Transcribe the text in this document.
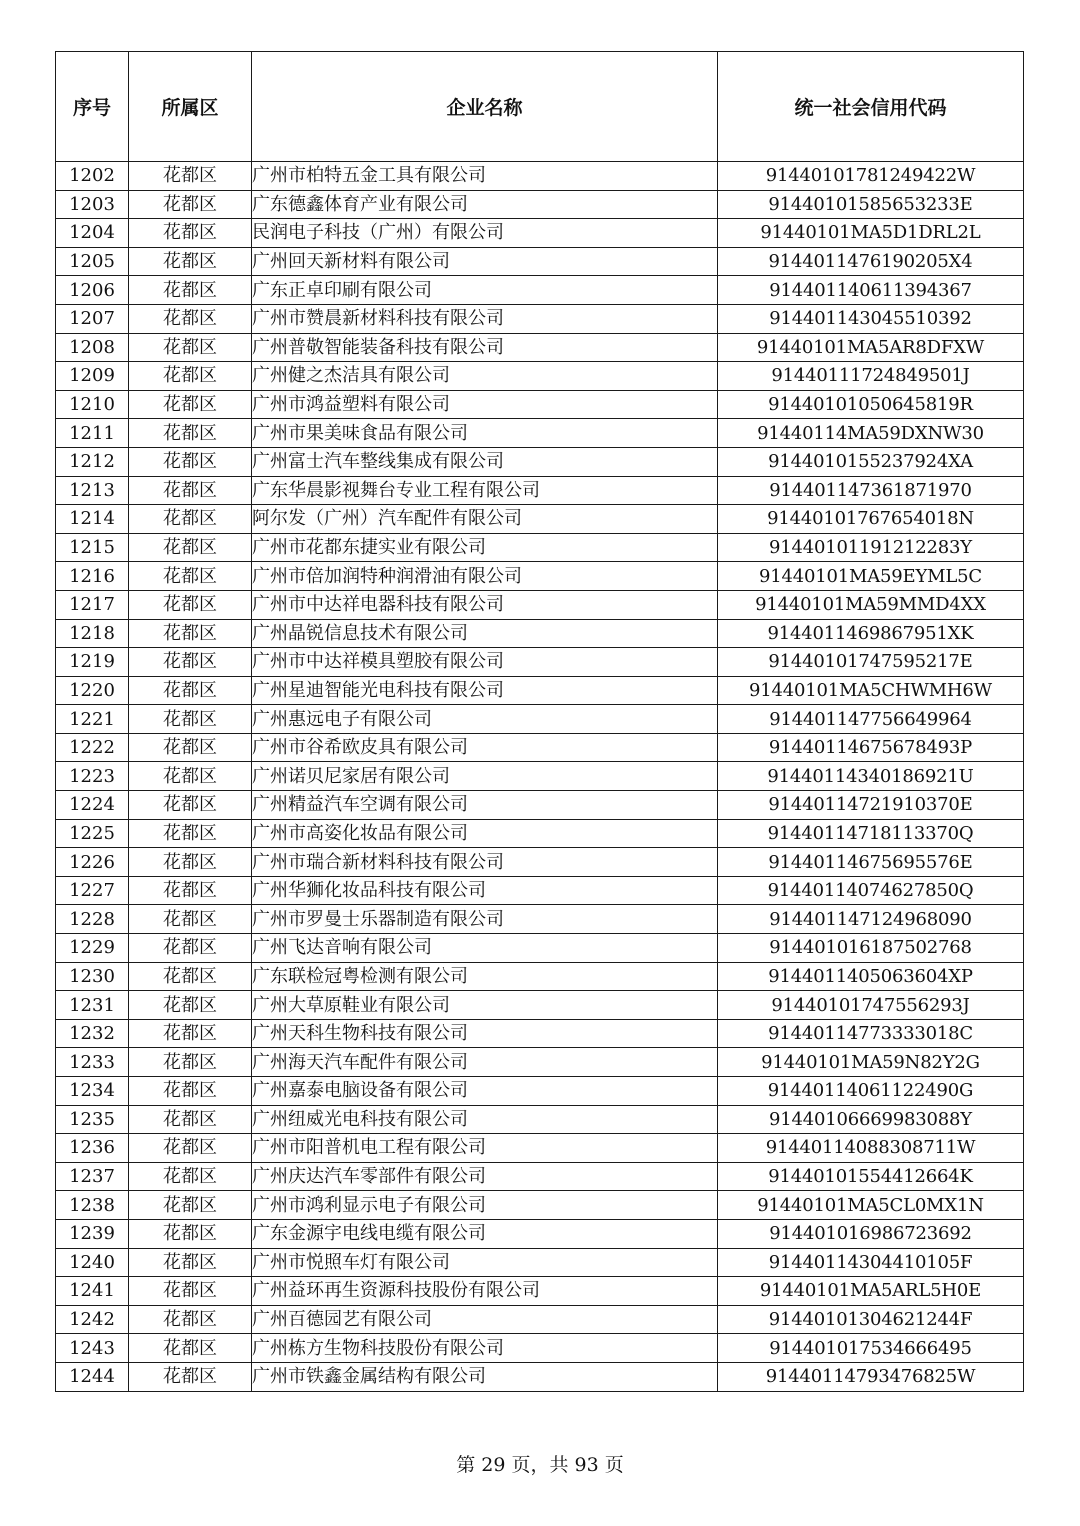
序号	所属区	企业名称	统一社会信用代码
1202	花都区	广州市柏特五金工具有限公司	91440101781249422W
1203	花都区	广东德鑫体育产业有限公司	91440101585653233E
1204	花都区	民润电子科技（广州）有限公司	91440101MA5D1DRL2L
1205	花都区	广州回天新材料有限公司	9144011476190205X4
1206	花都区	广东正卓印刷有限公司	914401140611394367
1207	花都区	广州市赞晨新材料科技有限公司	914401143045510392
1208	花都区	广州普敬智能装备科技有限公司	91440101MA5AR8DFXW
1209	花都区	广州健之杰洁具有限公司	91440111724849501J
1210	花都区	广州市鸿益塑料有限公司	91440101050645819R
1211	花都区	广州市果美味食品有限公司	91440114MA59DXNW30
1212	花都区	广州富士汽车整线集成有限公司	9144010155237924XA
1213	花都区	广东华晨影视舞台专业工程有限公司	914401147361871970
1214	花都区	阿尔发（广州）汽车配件有限公司	91440101767654018N
1215	花都区	广州市花都东捷实业有限公司	91440101191212283Y
1216	花都区	广州市倍加润特种润滑油有限公司	91440101MA59EYML5C
1217	花都区	广州市中达祥电器科技有限公司	91440101MA59MMD4XX
1218	花都区	广州晶锐信息技术有限公司	9144011469867951XK
1219	花都区	广州市中达祥模具塑胶有限公司	91440101747595217E
1220	花都区	广州星迪智能光电科技有限公司	91440101MA5CHWMH6W
1221	花都区	广州惠远电子有限公司	914401147756649964
1222	花都区	广州市谷希欧皮具有限公司	91440114675678493P
1223	花都区	广州诺贝尼家居有限公司	91440114340186921U
1224	花都区	广州精益汽车空调有限公司	91440114721910370E
1225	花都区	广州市高姿化妆品有限公司	91440114718113370Q
1226	花都区	广州市瑞合新材料科技有限公司	91440114675695576E
1227	花都区	广州华狮化妆品科技有限公司	91440114074627850Q
1228	花都区	广州市罗曼士乐器制造有限公司	914401147124968090
1229	花都区	广州飞达音响有限公司	914401016187502768
1230	花都区	广东联检冠粤检测有限公司	9144011405063604XP
1231	花都区	广州大草原鞋业有限公司	91440101747556293J
1232	花都区	广州天科生物科技有限公司	91440114773333018C
1233	花都区	广州海天汽车配件有限公司	91440101MA59N82Y2G
1234	花都区	广州嘉泰电脑设备有限公司	91440114061122490G
1235	花都区	广州纽威光电科技有限公司	91440106669983088Y
1236	花都区	广州市阳普机电工程有限公司	91440114088308711W
1237	花都区	广州庆达汽车零部件有限公司	91440101554412664K
1238	花都区	广州市鸿利显示电子有限公司	91440101MA5CL0MX1N
1239	花都区	广东金源宇电线电缆有限公司	914401016986723692
1240	花都区	广州市悦照车灯有限公司	91440114304410105F
1241	花都区	广州益环再生资源科技股份有限公司	91440101MA5ARL5H0E
1242	花都区	广州百德园艺有限公司	91440101304621244F
1243	花都区	广州栋方生物科技股份有限公司	914401017534666495
1244	花都区	广州市铁鑫金属结构有限公司	91440114793476825W
第 29 页，共 93 页
